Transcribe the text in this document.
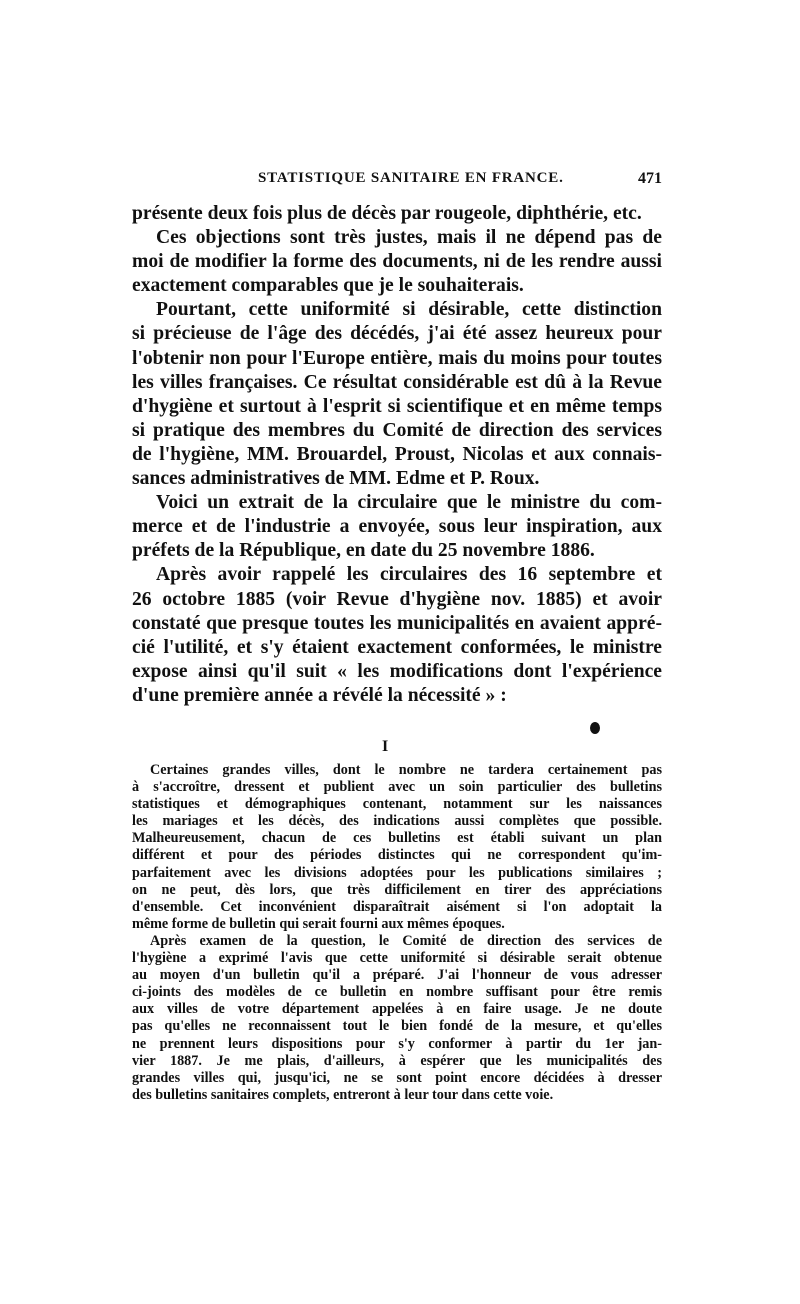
STATISTIQUE SANITAIRE EN FRANCE.	471
présente deux fois plus de décès par rougeole, diphthérie, etc.
Ces objections sont très justes, mais il ne dépend pas de
moi de modifier la forme des documents, ni de les rendre aussi
exactement comparables que je le souhaiterais.
Pourtant, cette uniformité si désirable, cette distinction
si précieuse de l'âge des décédés, j'ai été assez heureux pour
l'obtenir non pour l'Europe entière, mais du moins pour toutes
les villes françaises. Ce résultat considérable est dû à la Revue
d'hygiène et surtout à l'esprit si scientifique et en même temps
si pratique des membres du Comité de direction des services
de l'hygiène, MM. Brouardel, Proust, Nicolas et aux connais-
sances administratives de MM. Edme et P. Roux.
Voici un extrait de la circulaire que le ministre du com-
merce et de l'industrie a envoyée, sous leur inspiration, aux
préfets de la République, en date du 25 novembre 1886.
Après avoir rappelé les circulaires des 16 septembre et
26 octobre 1885 (voir Revue d'hygiène nov. 1885) et avoir
constaté que presque toutes les municipalités en avaient appré-
cié l'utilité, et s'y étaient exactement conformées, le ministre
expose ainsi qu'il suit « les modifications dont l'expérience
d'une première année a révélé la nécessité » :
I
Certaines grandes villes, dont le nombre ne tardera certainement pas
à s'accroître, dressent et publient avec un soin particulier des bulletins
statistiques et démographiques contenant, notamment sur les naissances
les mariages et les décès, des indications aussi complètes que possible.
Malheureusement, chacun de ces bulletins est établi suivant un plan
différent et pour des périodes distinctes qui ne correspondent qu'im-
parfaitement avec les divisions adoptées pour les publications similaires ;
on ne peut, dès lors, que très difficilement en tirer des appréciations
d'ensemble. Cet inconvénient disparaîtrait aisément si l'on adoptait la
même forme de bulletin qui serait fourni aux mêmes époques.
Après examen de la question, le Comité de direction des services de
l'hygiène a exprimé l'avis que cette uniformité si désirable serait obtenue
au moyen d'un bulletin qu'il a préparé. J'ai l'honneur de vous adresser
ci-joints des modèles de ce bulletin en nombre suffisant pour être remis
aux villes de votre département appelées à en faire usage. Je ne doute
pas qu'elles ne reconnaissent tout le bien fondé de la mesure, et qu'elles
ne prennent leurs dispositions pour s'y conformer à partir du 1er jan-
vier 1887. Je me plais, d'ailleurs, à espérer que les municipalités des
grandes villes qui, jusqu'ici, ne se sont point encore décidées à dresser
des bulletins sanitaires complets, entreront à leur tour dans cette voie.
